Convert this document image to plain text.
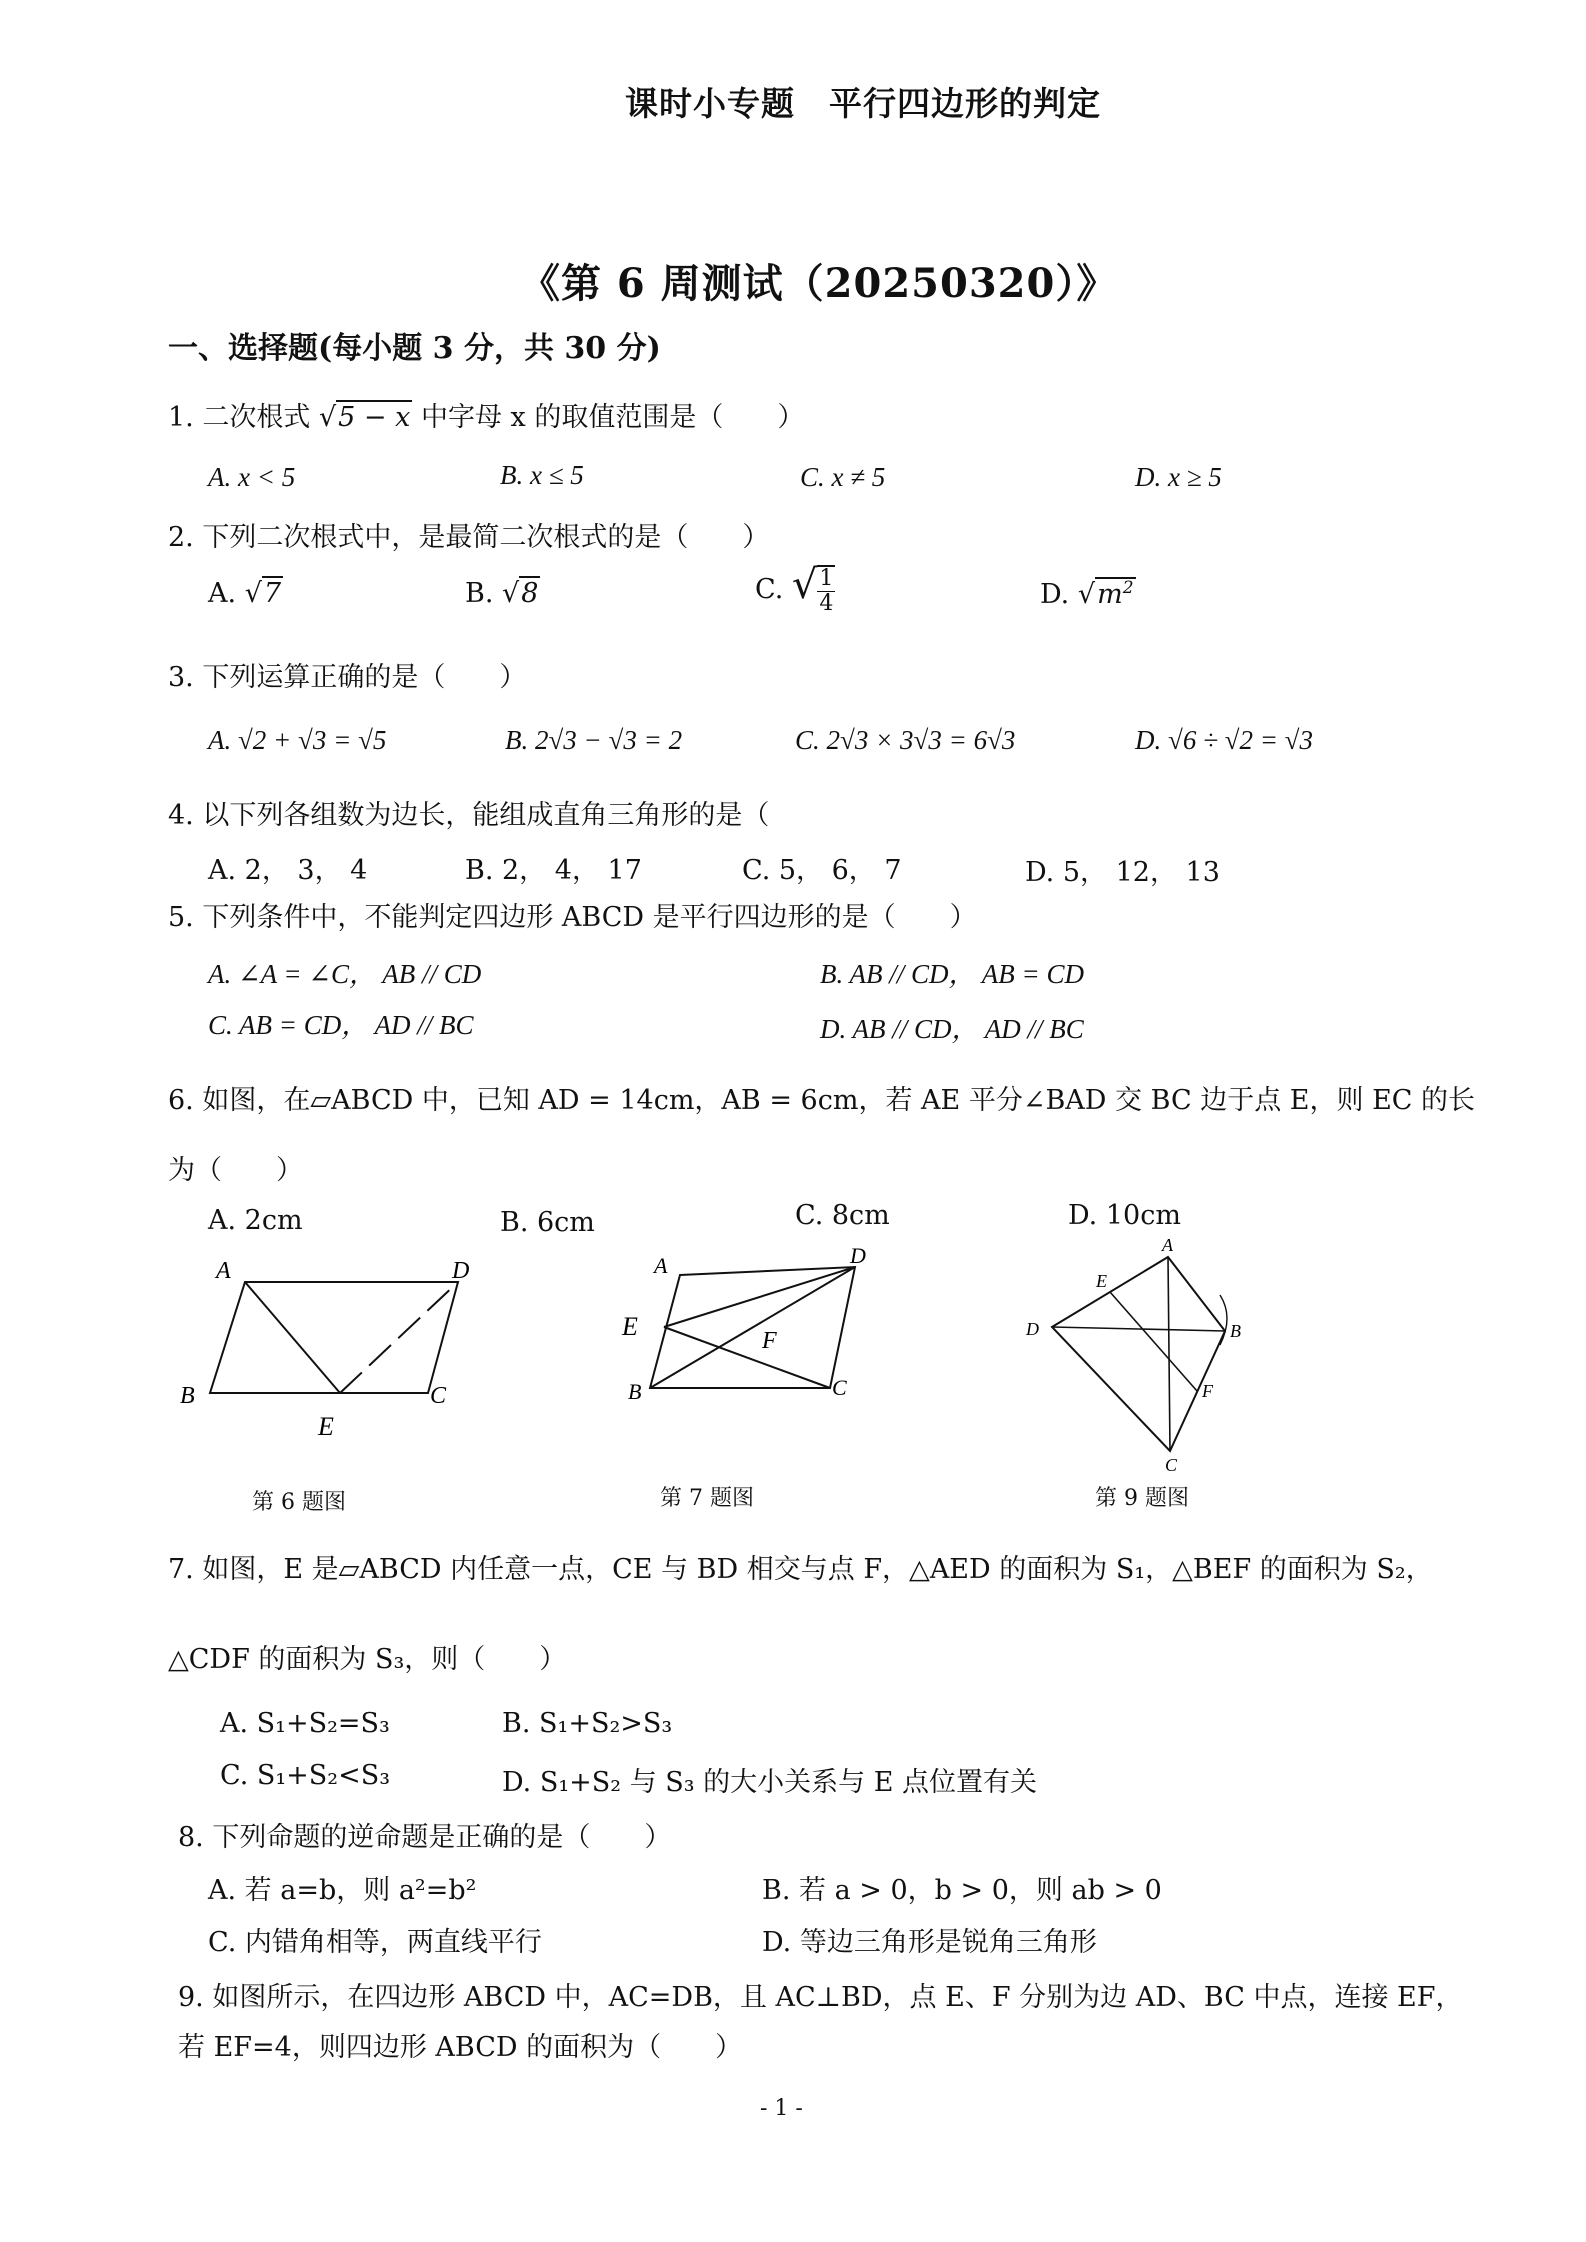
课时小专题　平行四边形的判定
《第 6 周测试（20250320）》
一、选择题(每小题 3 分，共 30 分)
1. 二次根式 √5 − x 中字母 x 的取值范围是（　　）
A. x < 5	B. x ≤ 5	C. x ≠ 5	D. x ≥ 5
2. 下列二次根式中，是最简二次根式的是（　　）
A. √7	B. √8	C. √ $\frac{1}{4}$	D. $√m^2$
3. 下列运算正确的是（　　）
A. √2 + √3 = √5	B. 2√3 − √3 = 2	C. 2√3 × 3√3 = 6√3	D. √6 ÷ √2 = √3
4. 以下列各组数为边长，能组成直角三角形的是（
A. 2， 3， 4	B. 2， 4， 17	C. 5， 6， 7	D. 5， 12， 13
5. 下列条件中，不能判定四边形 ABCD 是平行四边形的是（　　）
A. ∠A = ∠C， AB // CD	B. AB // CD， AB = CD
C. AB = CD， AD // BC	D. AB // CD， AD // BC
6. 如图，在▱ABCD 中，已知 AD = 14cm，AB = 6cm，若 AE 平分∠BAD 交 BC 边于点 E，则 EC 的长
为（　　）
A. 2cm	B. 6cm	C. 8cm	D. 10cm
A	D
B	C
E
第 6 题图
A	D
E	F
B	C
第 7 题图
A
E
B
D
F
C
第 9 题图
7. 如图，E 是▱ABCD 内任意一点，CE 与 BD 相交与点 F，△AED 的面积为 S₁，△BEF 的面积为 S₂，
△CDF 的面积为 S₃，则（　　）
A. S₁+S₂=S₃	B. S₁+S₂>S₃
C. S₁+S₂<S₃	D. S₁+S₂ 与 S₃ 的大小关系与 E 点位置有关
8. 下列命题的逆命题是正确的是（　　）
A. 若 a=b，则 a²=b²	B. 若 a > 0，b > 0，则 ab > 0
C. 内错角相等，两直线平行	D. 等边三角形是锐角三角形
9. 如图所示，在四边形 ABCD 中，AC=DB，且 AC⊥BD，点 E、F 分别为边 AD、BC 中点，连接 EF，
若 EF=4，则四边形 ABCD 的面积为（　　）
- 1 -
